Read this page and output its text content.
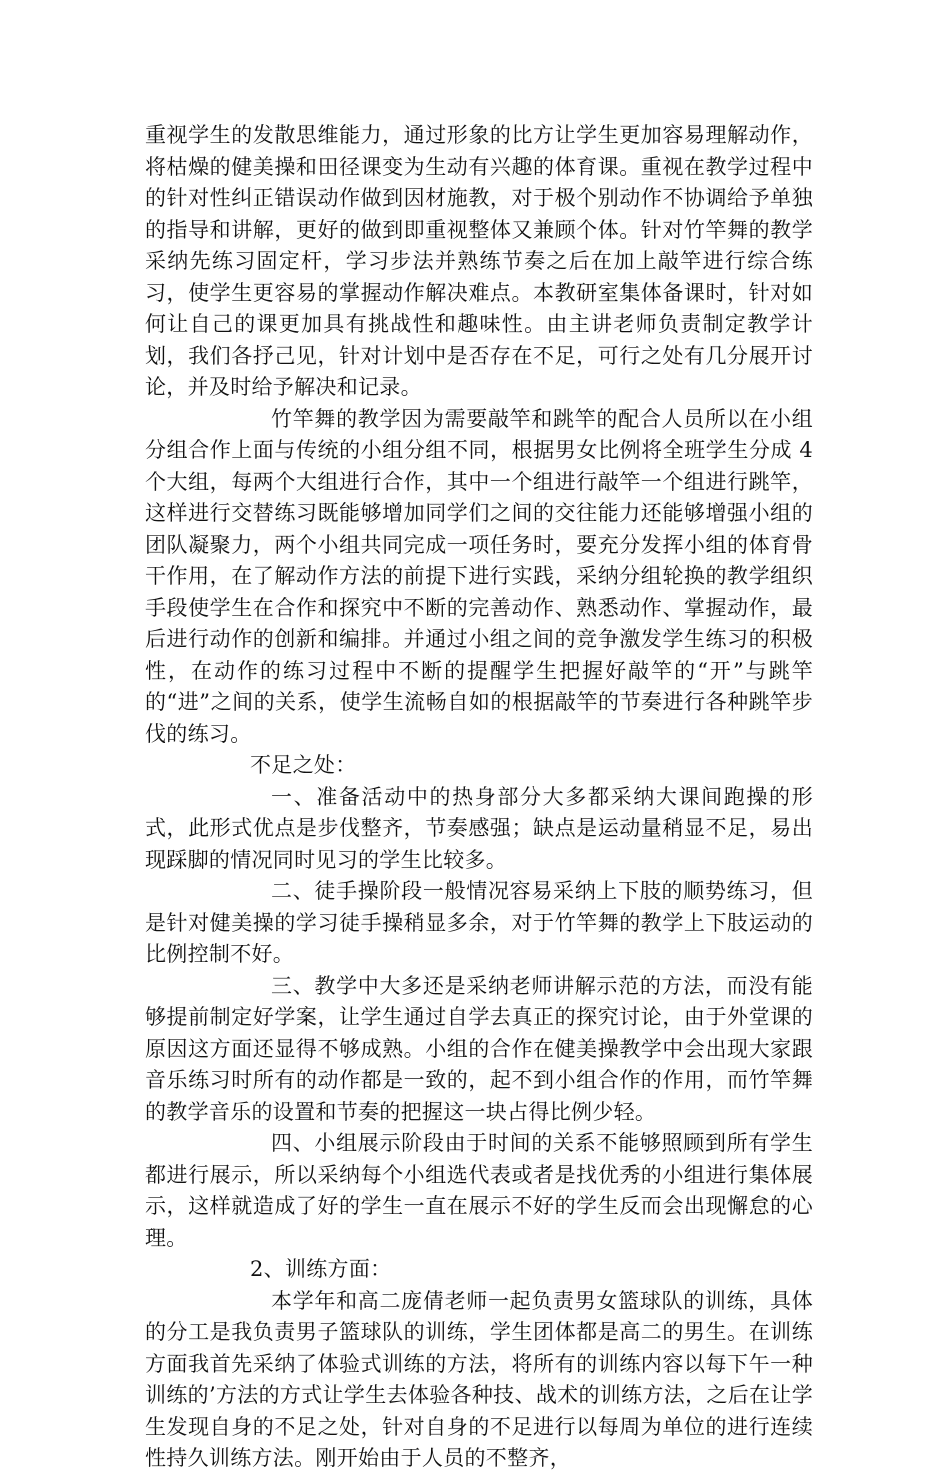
重视学生的发散思维能力，通过形象的比方让学生更加容易理解动作，将枯燥的健美操和田径课变为生动有兴趣的体育课。重视在教学过程中的针对性纠正错误动作做到因材施教，对于极个别动作不协调给予单独的指导和讲解，更好的做到即重视整体又兼顾个体。针对竹竿舞的教学采纳先练习固定杆，学习步法并熟练节奏之后在加上敲竿进行综合练习，使学生更容易的掌握动作解决难点。本教研室集体备课时，针对如何让自己的课更加具有挑战性和趣味性。由主讲老师负责制定教学计划，我们各抒己见，针对计划中是否存在不足，可行之处有几分展开讨论，并及时给予解决和记录。

竹竿舞的教学因为需要敲竿和跳竿的配合人员所以在小组分组合作上面与传统的小组分组不同，根据男女比例将全班学生分成 4 个大组，每两个大组进行合作，其中一个组进行敲竿一个组进行跳竿，这样进行交替练习既能够增加同学们之间的交往能力还能够增强小组的团队凝聚力，两个小组共同完成一项任务时，要充分发挥小组的体育骨干作用，在了解动作方法的前提下进行实践，采纳分组轮换的教学组织手段使学生在合作和探究中不断的完善动作、熟悉动作、掌握动作，最后进行动作的创新和编排。并通过小组之间的竞争激发学生练习的积极性，在动作的练习过程中不断的提醒学生把握好敲竿的“开”与跳竿的“进”之间的关系，使学生流畅自如的根据敲竿的节奏进行各种跳竿步伐的练习。

不足之处：

一、准备活动中的热身部分大多都采纳大课间跑操的形式，此形式优点是步伐整齐，节奏感强；缺点是运动量稍显不足，易出现踩脚的情况同时见习的学生比较多。

二、徒手操阶段一般情况容易采纳上下肢的顺势练习，但是针对健美操的学习徒手操稍显多余，对于竹竿舞的教学上下肢运动的比例控制不好。

三、教学中大多还是采纳老师讲解示范的方法，而没有能够提前制定好学案，让学生通过自学去真正的探究讨论，由于外堂课的原因这方面还显得不够成熟。小组的合作在健美操教学中会出现大家跟音乐练习时所有的动作都是一致的，起不到小组合作的作用，而竹竿舞的教学音乐的设置和节奏的把握这一块占得比例少轻。

四、小组展示阶段由于时间的关系不能够照顾到所有学生都进行展示，所以采纳每个小组选代表或者是找优秀的小组进行集体展示，这样就造成了好的学生一直在展示不好的学生反而会出现懈怠的心理。

2、训练方面：

本学年和高二庞倩老师一起负责男女篮球队的训练，具体的分工是我负责男子篮球队的训练，学生团体都是高二的男生。在训练方面我首先采纳了体验式训练的方法，将所有的训练内容以每下午一种训练的’方法的方式让学生去体验各种技、战术的训练方法，之后在让学生发现自身的不足之处，针对自身的不足进行以每周为单位的进行连续性持久训练方法。刚开始由于人员的不整齐，
